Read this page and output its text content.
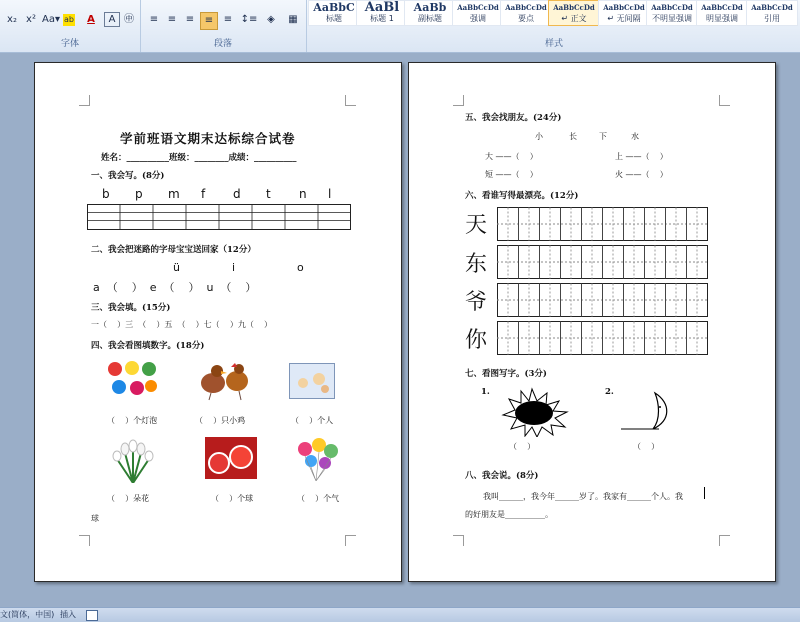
x₂ x² Aa▾ ab	A	A ㊥
字体
≡ ≡ ≡	≡	≡ ↕≡ ◈	▦
段落
AaBbC
标题
AaBl
标题 1
AaBb
副标题
AaBbCcDd
强调
AaBbCcDd
要点
AaBbCcDd
↵ 正文
AaBbCcDd
↵ 无间隔
AaBbCcDd
不明显强调
AaBbCcDd
明显强调
AaBbCcDd
引用
样式
学前班语文期末达标综合试卷
姓名：__________班级：________成绩：__________
一、我会写。(8分)
b p m f d t n l
二、我会把迷路的字母宝宝送回家（12分）
ü	i	o
a  （    ）  e  （    ）  u  （    ）
三、我会填。(15分)
一（    ）三  （    ）五  （    ）七（    ）九（    ）
四、我会看图填数字。(18分)
（    ）个灯泡	（    ）只小鸡	（    ）个人
（    ）朵花	（    ）个球	（    ）个气
球
五、我会找朋友。(24分)
小	长	下	水
大 ——（    ）	上 ——（    ）
短 ——（    ）	火 ——（    ）
六、看谁写得最漂亮。(12分)
天
东
爷
你
七、看图写字。(3分)
1.	2.
（    ）	（    ）
八、我会说。(8分)
我叫______，我今年______岁了。我家有______个人。我
的好朋友是__________。
文(简体，中国) 插入
